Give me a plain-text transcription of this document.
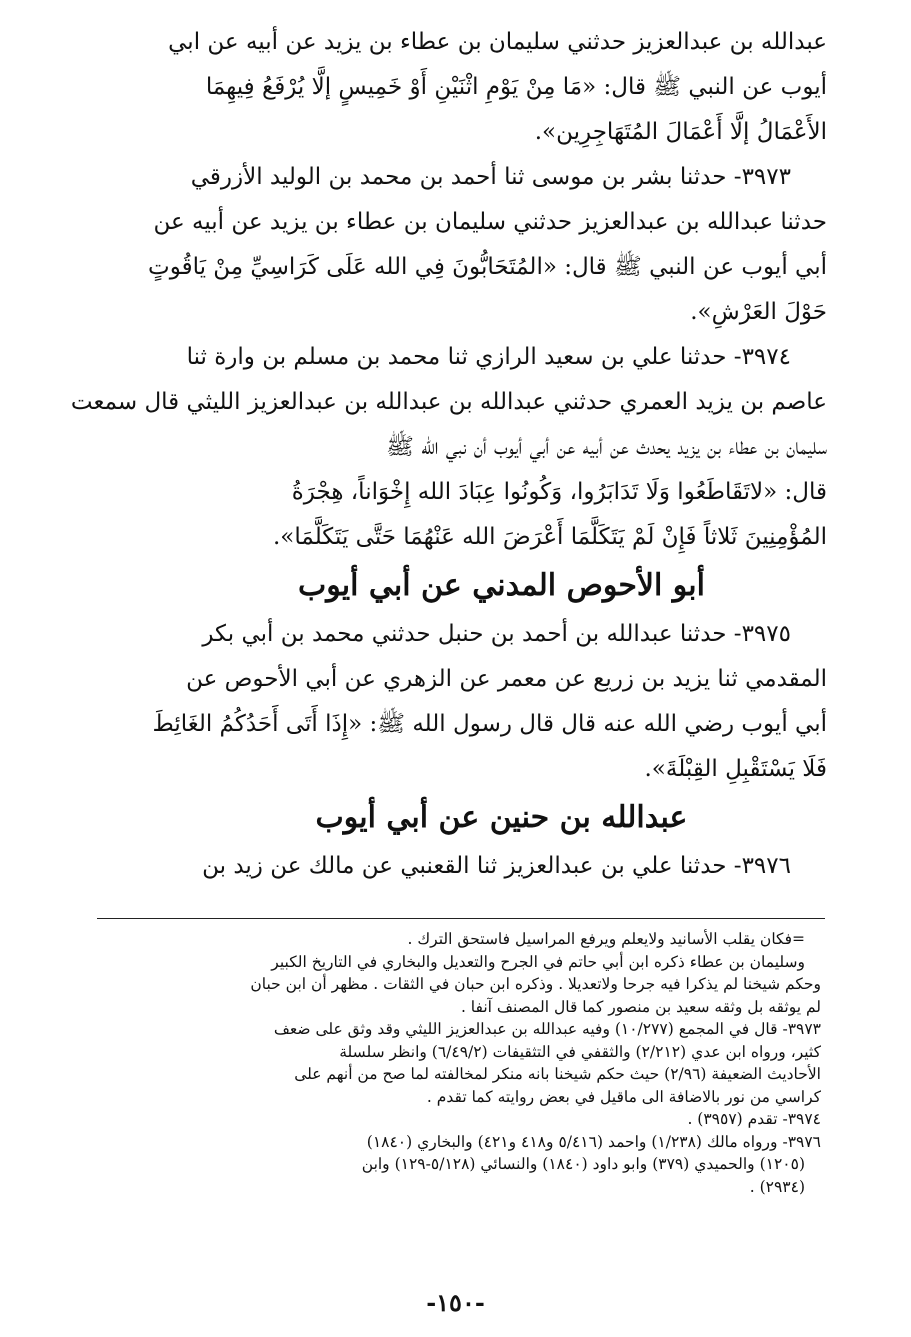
عبدالله بن عبدالعزيز حدثني سليمان بن عطاء بن يزيد عن أبيه عن ابي
أيوب عن النبي ﷺ قال: «مَا مِنْ يَوْمِ اثْنَيْنِ أَوْ خَمِيسٍ إلَّا يُرْفَعُ فِيهِمَا
الأَعْمَالُ إلَّا أَعْمَالَ المُتَهَاجِرِين».
٣٩٧٣- حدثنا بشر بن موسى ثنا أحمد بن محمد بن الوليد الأزرقي
حدثنا عبدالله بن عبدالعزيز حدثني سليمان بن عطاء بن يزيد عن أبيه عن
أبي أيوب عن النبي ﷺ قال: «المُتَحَابُّونَ فِي الله عَلَى كَرَاسِيِّ مِنْ يَاقُوتٍ
حَوْلَ العَرْشِ».
٣٩٧٤- حدثنا علي بن سعيد الرازي ثنا محمد بن مسلم بن وارة ثنا
عاصم بن يزيد العمري حدثني عبدالله بن عبدالله بن عبدالعزيز الليثي قال سمعت
سليمان بن عطاء بن يزيد يحدث عن أبيه عن أبي أيوب أن نبي الله ﷺ
قال: «لاتَقَاطَعُوا وَلَا تَدَابَرُوا، وَكُونُوا عِبَادَ الله إِخْوَاناً، هِجْرَةُ
المُؤْمِنِينَ ثَلاثاً فَإِنْ لَمْ يَتَكَلَّمَا أَعْرَضَ الله عَنْهُمَا حَتَّى يَتَكَلَّمَا».
أبو الأحوص المدني عن أبي أيوب
٣٩٧٥- حدثنا عبدالله بن أحمد بن حنبل حدثني محمد بن أبي بكر
المقدمي ثنا يزيد بن زريع عن معمر عن الزهري عن أبي الأحوص عن
أبي أيوب رضي الله عنه قال قال رسول الله ﷺ: «إِذَا أَتَى أَحَدُكُمُ الغَائِطَ
فَلَا يَسْتَقْبِلِ القِبْلَةَ».
عبدالله بن حنين عن أبي أيوب
٣٩٧٦- حدثنا علي بن عبدالعزيز ثنا القعنبي عن مالك عن زيد بن
=فكان يقلب الأسانيد ولايعلم ويرفع المراسيل فاستحق الترك .
وسليمان بن عطاء ذكره ابن أبي حاتم في الجرح والتعديل والبخاري في التاريخ الكبير
وحكم شيخنا لم يذكرا فيه جرحا ولاتعديلا . وذكره ابن حبان في الثقات . مظهر أن ابن حبان
لم يوثقه بل وثقه سعيد بن منصور كما قال المصنف آنفا .
٣٩٧٣- قال في المجمع (١٠/٢٧٧) وفيه عبدالله بن عبدالعزيز الليثي وقد وثق على ضعف
كثير، ورواه ابن عدي (٢/٢١٢) والثقفي في التثقيفات (٦/٤٩/٢) وانظر سلسلة
الأحاديث الضعيفة (٢/٩٦) حيث حكم شيخنا بانه منكر لمخالفته لما صح من أنهم على
كراسي من نور بالاضافة الى ماقيل في بعض روايته كما تقدم .
٣٩٧٤- تقدم (٣٩٥٧) .
٣٩٧٦- ورواه مالك (١/٢٣٨) واحمد (٥/٤١٦ و٤١٨ و٤٢١) والبخاري (١٨٤٠)
(١٢٠٥) والحميدي (٣٧٩) وابو داود (١٨٤٠) والنسائي (٥/١٢٨-١٢٩) وابن
(٢٩٣٤) .
-١٥٠-
